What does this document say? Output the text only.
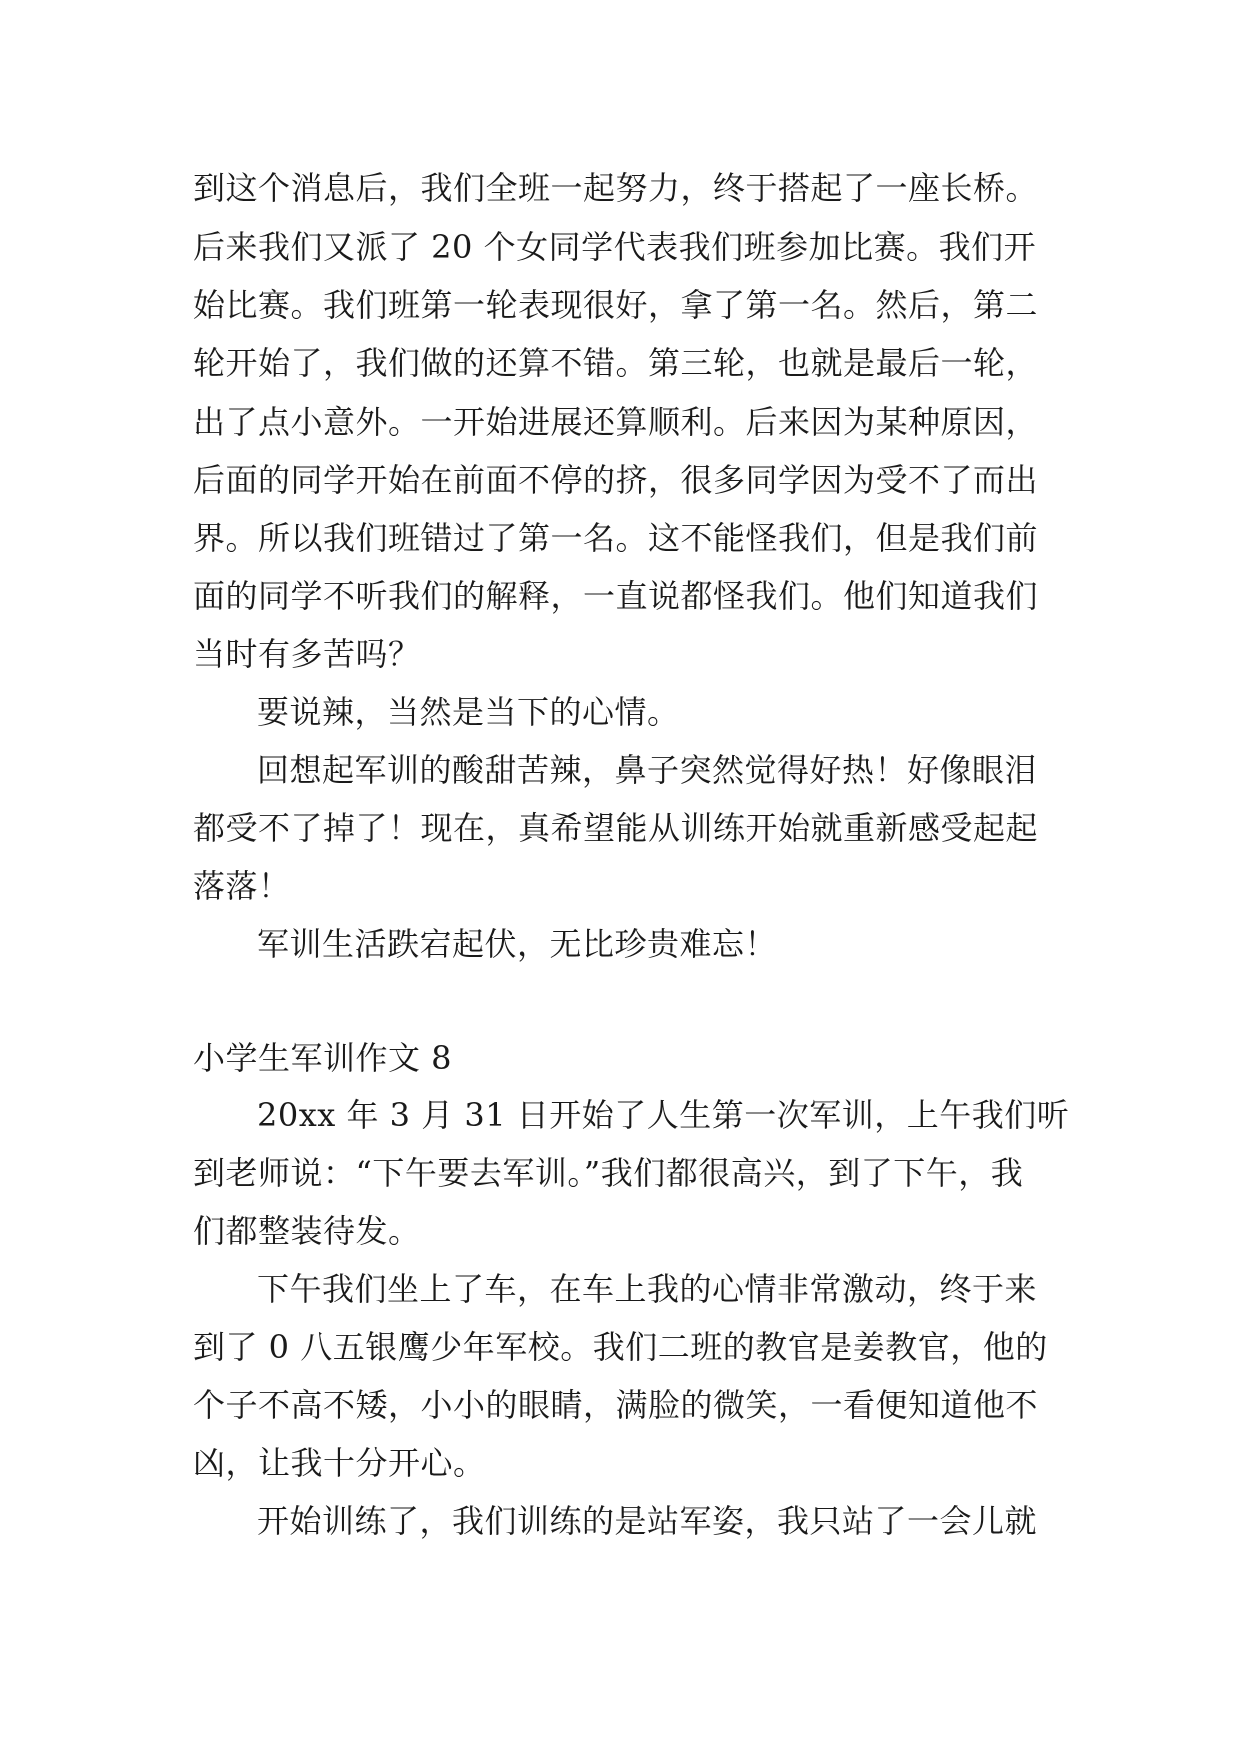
到这个消息后，我们全班一起努力，终于搭起了一座长桥。
后来我们又派了 20 个女同学代表我们班参加比赛。我们开
始比赛。我们班第一轮表现很好，拿了第一名。然后，第二
轮开始了，我们做的还算不错。第三轮，也就是最后一轮，
出了点小意外。一开始进展还算顺利。后来因为某种原因，
后面的同学开始在前面不停的挤，很多同学因为受不了而出
界。所以我们班错过了第一名。这不能怪我们，但是我们前
面的同学不听我们的解释，一直说都怪我们。他们知道我们
当时有多苦吗？
要说辣，当然是当下的心情。
回想起军训的酸甜苦辣，鼻子突然觉得好热！好像眼泪
都受不了掉了！现在，真希望能从训练开始就重新感受起起
落落！
军训生活跌宕起伏，无比珍贵难忘！
小学生军训作文 8
20xx 年 3 月 31 日开始了人生第一次军训，上午我们听
到老师说：“下午要去军训。”我们都很高兴，到了下午，我
们都整装待发。
下午我们坐上了车，在车上我的心情非常激动，终于来
到了 0 八五银鹰少年军校。我们二班的教官是姜教官，他的
个子不高不矮，小小的眼睛，满脸的微笑，一看便知道他不
凶，让我十分开心。
开始训练了，我们训练的是站军姿，我只站了一会儿就
